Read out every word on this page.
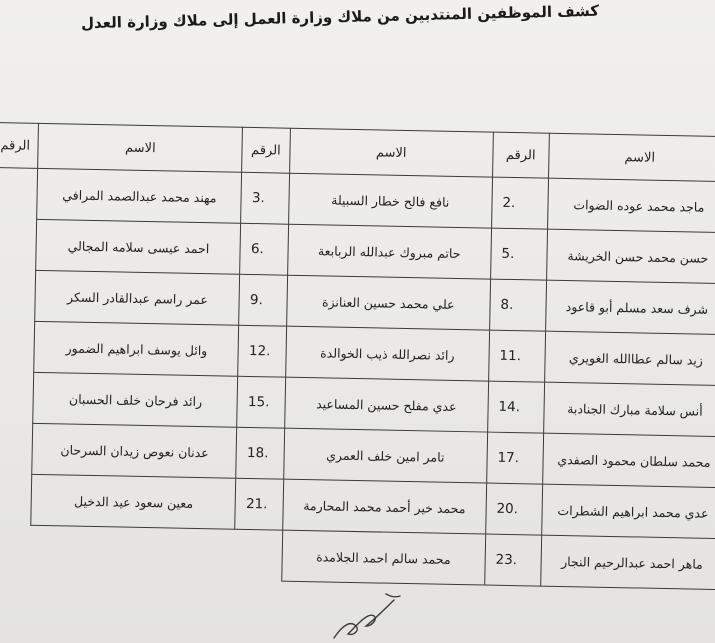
كشف الموظفين المنتدبين من ملاك وزارة العمل إلى ملاك وزارة العدل
الاسم	الرقم	الاسم	الرقم	الاسم	الرقم
ماجد محمد عوده الضوات	2.	نافع فالح خطار السبيلة	3.	مهند محمد عبدالصمد المرافي	
حسن محمد حسن الخريشة	5.	حاتم مبروك عبدالله الربابعة	6.	احمد عيسى سلامه المجالي	
شرف سعد مسلم أبو قاعود	8.	علي محمد حسين العنانزة	9.	عمر راسم عبدالقادر السكر	
زيد سالم عطاالله الغويري	11.	رائد نصرالله ذيب الخوالدة	12.	وائل يوسف ابراهيم الضمور	
أنس سلامة مبارك الجنادبة	14.	عدي مفلح حسين المساعيد	15.	رائد فرحان خلف الحسبان	
محمد سلطان محمود الصفدي	17.	تامر امين خلف العمري	18.	عدنان نعوص زيدان السرحان	
عدي محمد ابراهيم الشطرات	20.	محمد خير أحمد محمد المحارمة	21.	معين سعود عيد الدخيل	
ماهر احمد عبدالرحيم النجار	23.	محمد سالم احمد الجلامدة			
